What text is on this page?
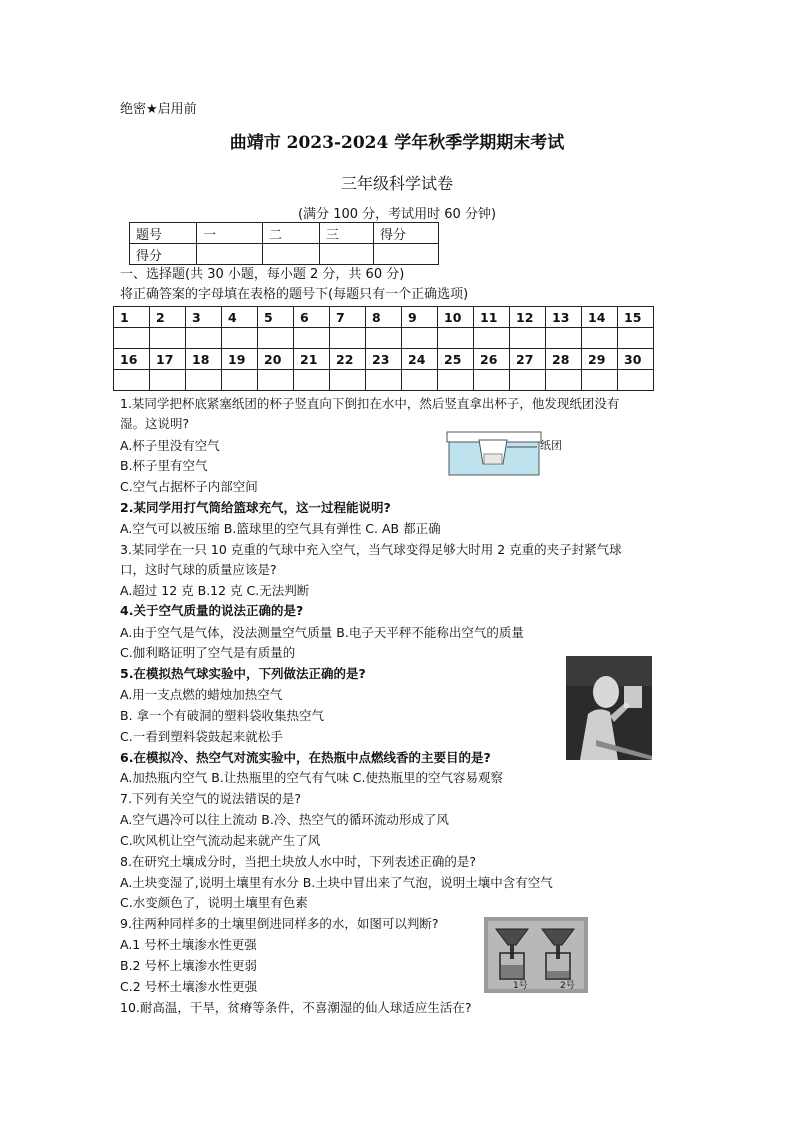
绝密★启用前
曲靖市 2023-2024 学年秋季学期期末考试
三年级科学试卷
(满分 100 分，考试用时 60 分钟)
题号	一	二	三	得分
得分				
一、选择题(共 30 小题，每小题 2 分，共 60 分)
将正确答案的字母填在表格的题号下(每题只有一个正确选项)
1	2	3	4	5	6	7	8	9	10	11	12	13	14	15

16	17	18	19	20	21	22	23	24	25	26	27	28	29	30

1.某同学把杯底紧塞纸团的杯子竖直向下倒扣在水中，然后竖直拿出杯子，他发现纸团没有
湿。这说明?
A.杯子里没有空气
B.杯子里有空气
C.空气占据杯子内部空间
纸团
2.某同学用打气筒给篮球充气，这一过程能说明?
A.空气可以被压缩 B.篮球里的空气具有弹性 C. AB 都正确
3.某同学在一只 10 克重的气球中充入空气，当气球变得足够大时用 2 克重的夹子封紧气球
口，这时气球的质量应该是?
A.超过 12 克 B.12 克 C.无法判断
4.关于空气质量的说法正确的是?
A.由于空气是气体，没法测量空气质量 B.电子天平秤不能称出空气的质量
C.伽利略证明了空气是有质量的
5.在模拟热气球实验中，下列做法正确的是?
A.用一支点燃的蜡烛加热空气
B. 拿一个有破洞的塑料袋收集热空气
C.一看到塑料袋鼓起来就松手
6.在模拟冷、热空气对流实验中，在热瓶中点燃线香的主要目的是?
A.加热瓶内空气 B.让热瓶里的空气有气味 C.使热瓶里的空气容易观察
7.下列有关空气的说法错误的是?
A.空气遇冷可以往上流动 B.冷、热空气的循环流动形成了风
C.吹风机让空气流动起来就产生了风
8.在研究土壤成分时，当把土块放人水中时，下列表述正确的是?
A.土块变湿了,说明土壤里有水分 B.土块中冒出来了气泡，说明土壤中含有空气
C.水变颜色了，说明土壤里有色素
9.往两种同样多的土壤里倒进同样多的水，如图可以判断?
A.1 号杯土壤渗水性更强
B.2 号杯上壤渗水性更弱
C.2 号杯土壤渗水性更强	1号	2号
10.耐高温，干旱，贫瘠等条件，不喜潮湿的仙人球适应生活在?
